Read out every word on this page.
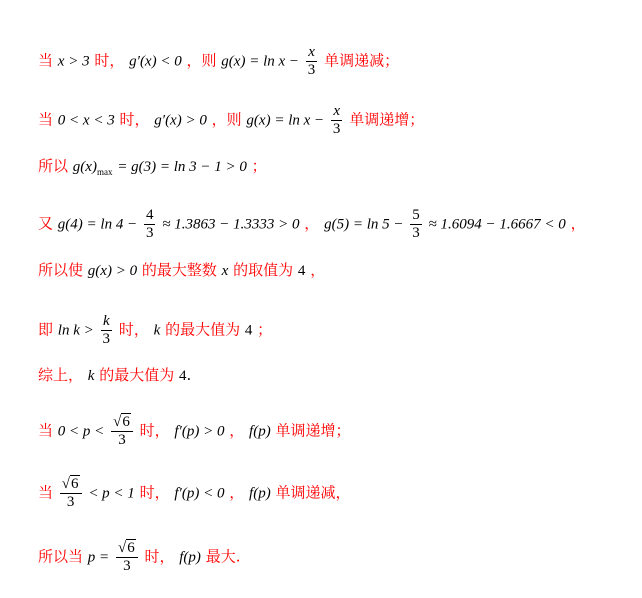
当 x > 3 时， g′(x) < 0 ，则 $g(x) = \ln x - \frac{x}{3}$ 单调递减；
当 0 < x < 3 时， g′(x) > 0 ，则 $g(x) = \ln x - \frac{x}{3}$ 单调递增；
所以 $g(x)_{max} = g(3) = \ln 3 - 1 > 0$ ；
又 $g(4) = \ln 4 - \frac{4}{3} \approx 1.3863 - 1.3333 > 0$ ， $g(5) = \ln 5 - \frac{5}{3} \approx 1.6094 - 1.6667 < 0$ ，
所以使 g(x) > 0 的最大整数 x 的取值为 4 ，
即 $\ln k > \frac{k}{3}$ 时， k 的最大值为 4 ；
综上， k 的最大值为 4.
当 $0 < p < \frac{√6}{3}$ 时， f′(p) > 0 ， f(p) 单调递增；
当 $\frac{√6}{3} < p < 1$ 时， f′(p) < 0 ， f(p) 单调递减，
所以当 $p = \frac{√6}{3}$ 时， f(p) 最大.
